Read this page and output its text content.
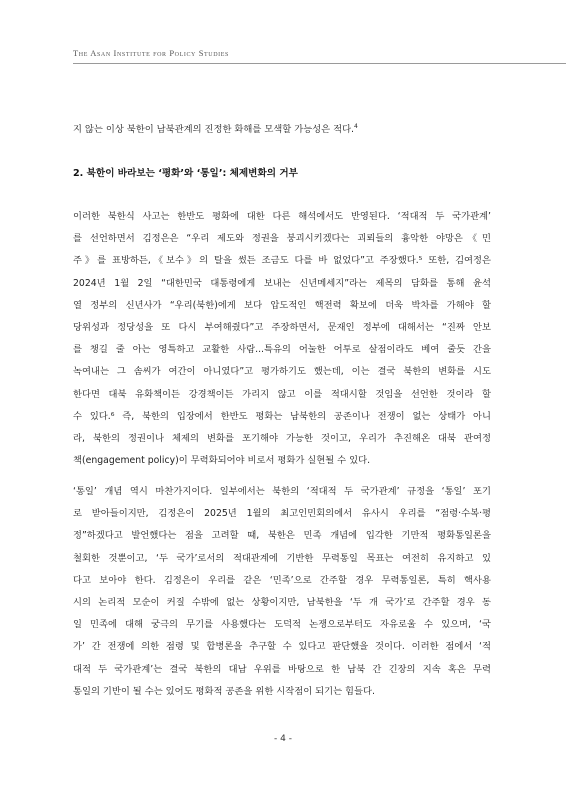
The Asan Institute for Policy Studies

지 않는 이상 북한이 남북관계의 진정한 화해를 모색할 가능성은 적다.$^4$

2. 북한이 바라보는 ‘평화’와 ‘통일’: 체제변화의 거부
이러한 북한식 사고는 한반도 평화에 대한 다른 해석에서도 반영된다. ‘적대적 두 국가관계’
를 선언하면서 김정은은 “우리 제도와 정권을 붕괴시키겠다는 괴뢰들의 흉악한 야망은《민
주》를 표방하든,《보수》의 탈을 썼든 조금도 다를 바 없었다”고 주장했다.⁵ 또한, 김여정은
2024년 1월 2일 “대한민국 대통령에게 보내는 신년메세지”라는 제목의 담화를 통해 윤석
열 정부의 신년사가 “우리(북한)에게 보다 압도적인 핵전력 확보에 더욱 박차를 가해야 할
당위성과 정당성을 또 다시 부여해줬다”고 주장하면서, 문재인 정부에 대해서는 “진짜 안보
를 챙길 줄 아는 영특하고 교활한 사람...특유의 어눌한 어투로 살점이라도 베여 줄듯 간을
녹여내는 그 솜씨가 여간이 아니였다”고 평가하기도 했는데, 이는 결국 북한의 변화를 시도
한다면 대북 유화책이든 강경책이든 가리지 않고 이를 적대시할 것임을 선언한 것이라 할
수 있다.⁶ 즉, 북한의 입장에서 한반도 평화는 남북한의 공존이나 전쟁이 없는 상태가 아니
라, 북한의 정권이나 체제의 변화를 포기해야 가능한 것이고, 우리가 추진해온 대북 관여정
책(engagement policy)이 무력화되어야 비로서 평화가 실현될 수 있다.
‘통일’ 개념 역시 마찬가지이다. 일부에서는 북한의 ‘적대적 두 국가관계’ 규정을 ‘통일’ 포기
로 받아들이지만, 김정은이 2025년 1월의 최고인민회의에서 유사시 우리를 “점령·수복·평
정”하겠다고 발언했다는 점을 고려할 때, 북한은 민족 개념에 입각한 기만적 평화통일론을
철회한 것뿐이고, ‘두 국가’로서의 적대관계에 기반한 무력통일 목표는 여전히 유지하고 있
다고 보아야 한다. 김정은이 우리를 같은 ‘민족’으로 간주할 경우 무력통일론, 특히 핵사용
시의 논리적 모순이 커질 수밖에 없는 상황이지만, 남북한을 ‘두 개 국가’로 간주할 경우 동
일 민족에 대해 궁극의 무기를 사용했다는 도덕적 논쟁으로부터도 자유로울 수 있으며, ‘국
가’ 간 전쟁에 의한 점령 및 합병론을 추구할 수 있다고 판단했을 것이다. 이러한 점에서 ‘적
대적 두 국가관계’는 결국 북한의 대남 우위를 바탕으로 한 남북 간 긴장의 지속 혹은 무력
통일의 기반이 될 수는 있어도 평화적 공존을 위한 시작점이 되기는 힘들다.
- 4 -
